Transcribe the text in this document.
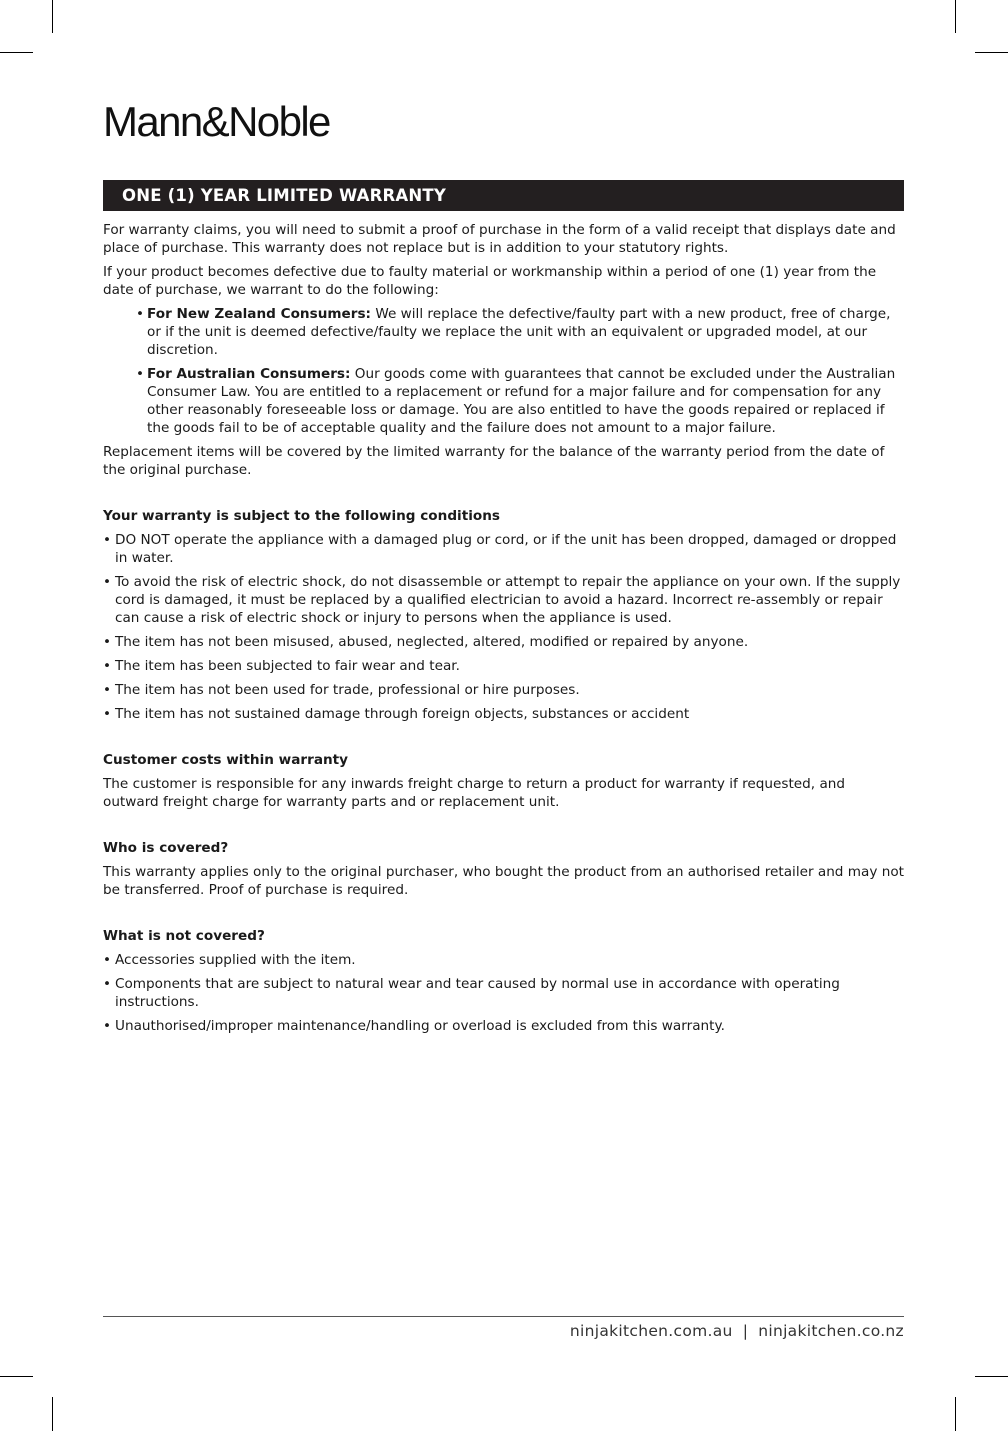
Mann&Noble
ONE (1) YEAR LIMITED WARRANTY

For warranty claims, you will need to submit a proof of purchase in the form of a valid receipt that displays date and place of purchase. This warranty does not replace but is in addition to your statutory rights.

If your product becomes defective due to faulty material or workmanship within a period of one (1) year from the date of purchase, we warrant to do the following:

• For New Zealand Consumers: We will replace the defective/faulty part with a new product, free of charge, or if the unit is deemed defective/faulty we replace the unit with an equivalent or upgraded model, at our discretion.
• For Australian Consumers: Our goods come with guarantees that cannot be excluded under the Australian Consumer Law. You are entitled to a replacement or refund for a major failure and for compensation for any other reasonably foreseeable loss or damage. You are also entitled to have the goods repaired or replaced if the goods fail to be of acceptable quality and the failure does not amount to a major failure.

Replacement items will be covered by the limited warranty for the balance of the warranty period from the date of the original purchase.

Your warranty is subject to the following conditions
• DO NOT operate the appliance with a damaged plug or cord, or if the unit has been dropped, damaged or dropped in water.
• To avoid the risk of electric shock, do not disassemble or attempt to repair the appliance on your own. If the supply cord is damaged, it must be replaced by a qualified electrician to avoid a hazard. Incorrect re-assembly or repair can cause a risk of electric shock or injury to persons when the appliance is used.
• The item has not been misused, abused, neglected, altered, modified or repaired by anyone.
• The item has been subjected to fair wear and tear.
• The item has not been used for trade, professional or hire purposes.
• The item has not sustained damage through foreign objects, substances or accident
Customer costs within warranty

The customer is responsible for any inwards freight charge to return a product for warranty if requested, and outward freight charge for warranty parts and or replacement unit.

Who is covered?

This warranty applies only to the original purchaser, who bought the product from an authorised retailer and may not be transferred. Proof of purchase is required.

What is not covered?
• Accessories supplied with the item.
• Components that are subject to natural wear and tear caused by normal use in accordance with operating instructions.
• Unauthorised/improper maintenance/handling or overload is excluded from this warranty.
ninjakitchen.com.au | ninjakitchen.co.nz
